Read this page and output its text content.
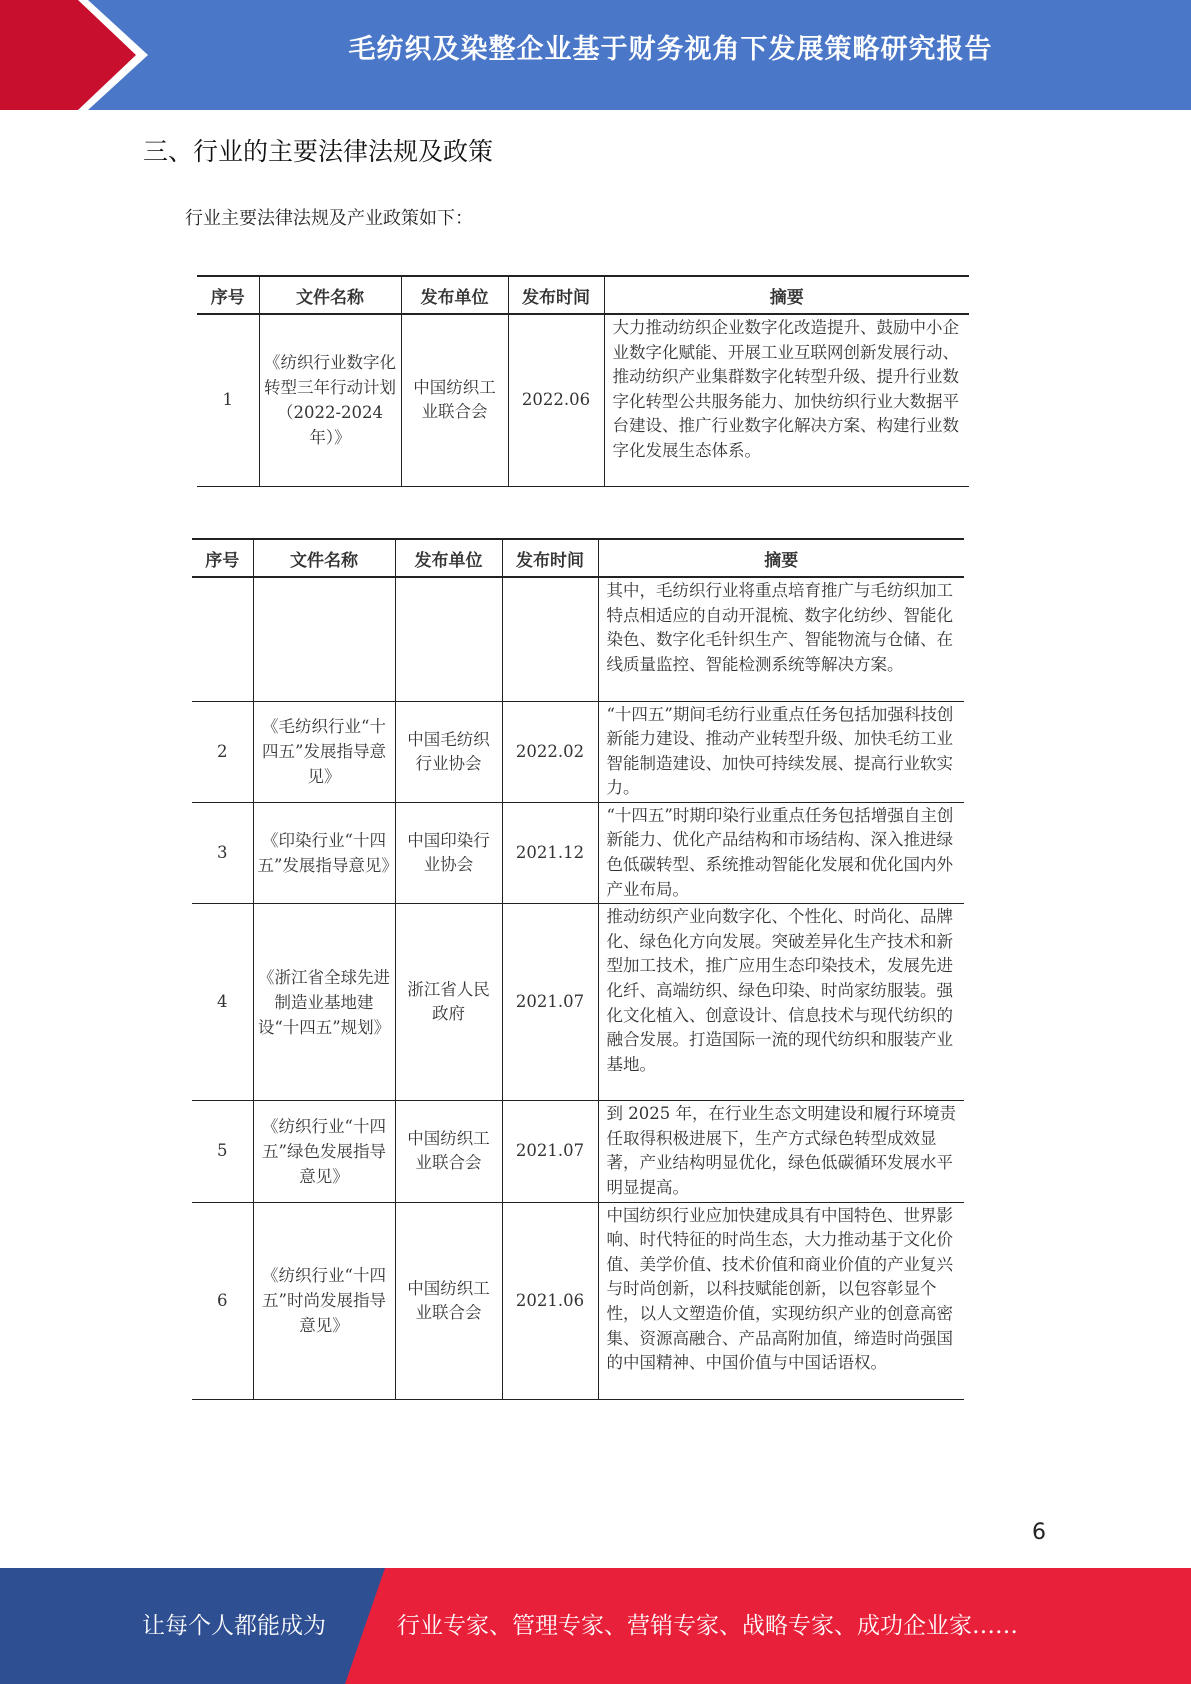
毛纺织及染整企业基于财务视角下发展策略研究报告
三、行业的主要法律法规及政策
行业主要法律法规及产业政策如下：
序号	文件名称	发布单位	发布时间	摘要
1	《纺织行业数字化转型三年行动计划（2022-2024年）》	中国纺织工业联合会	2022.06	大力推动纺织企业数字化改造提升、鼓励中小企业数字化赋能、开展工业互联网创新发展行动、推动纺织产业集群数字化转型升级、提升行业数字化转型公共服务能力、加快纺织行业大数据平台建设、推广行业数字化解决方案、构建行业数字化发展生态体系。
序号	文件名称	发布单位	发布时间	摘要
				其中，毛纺织行业将重点培育推广与毛纺织加工特点相适应的自动开混梳、数字化纺纱、智能化染色、数字化毛针织生产、智能物流与仓储、在线质量监控、智能检测系统等解决方案。
2	《毛纺织行业“十四五”发展指导意见》	中国毛纺织行业协会	2022.02	“十四五”期间毛纺行业重点任务包括加强科技创新能力建设、推动产业转型升级、加快毛纺工业智能制造建设、加快可持续发展、提高行业软实力。
3	《印染行业“十四五”发展指导意见》	中国印染行业协会	2021.12	“十四五”时期印染行业重点任务包括增强自主创新能力、优化产品结构和市场结构、深入推进绿色低碳转型、系统推动智能化发展和优化国内外产业布局。
4	《浙江省全球先进制造业基地建设“十四五”规划》	浙江省人民政府	2021.07	推动纺织产业向数字化、个性化、时尚化、品牌化、绿色化方向发展。突破差异化生产技术和新型加工技术，推广应用生态印染技术，发展先进化纤、高端纺织、绿色印染、时尚家纺服装。强化文化植入、创意设计、信息技术与现代纺织的融合发展。打造国际一流的现代纺织和服装产业基地。
5	《纺织行业“十四五”绿色发展指导意见》	中国纺织工业联合会	2021.07	到 2025 年，在行业生态文明建设和履行环境责任取得积极进展下，生产方式绿色转型成效显著，产业结构明显优化，绿色低碳循环发展水平明显提高。
6	《纺织行业“十四五”时尚发展指导意见》	中国纺织工业联合会	2021.06	中国纺织行业应加快建成具有中国特色、世界影响、时代特征的时尚生态，大力推动基于文化价值、美学价值、技术价值和商业价值的产业复兴与时尚创新，以科技赋能创新，以包容彰显个性，以人文塑造价值，实现纺织产业的创意高密集、资源高融合、产品高附加值，缔造时尚强国的中国精神、中国价值与中国话语权。
6
让每个人都能成为	行业专家、管理专家、营销专家、战略专家、成功企业家……
